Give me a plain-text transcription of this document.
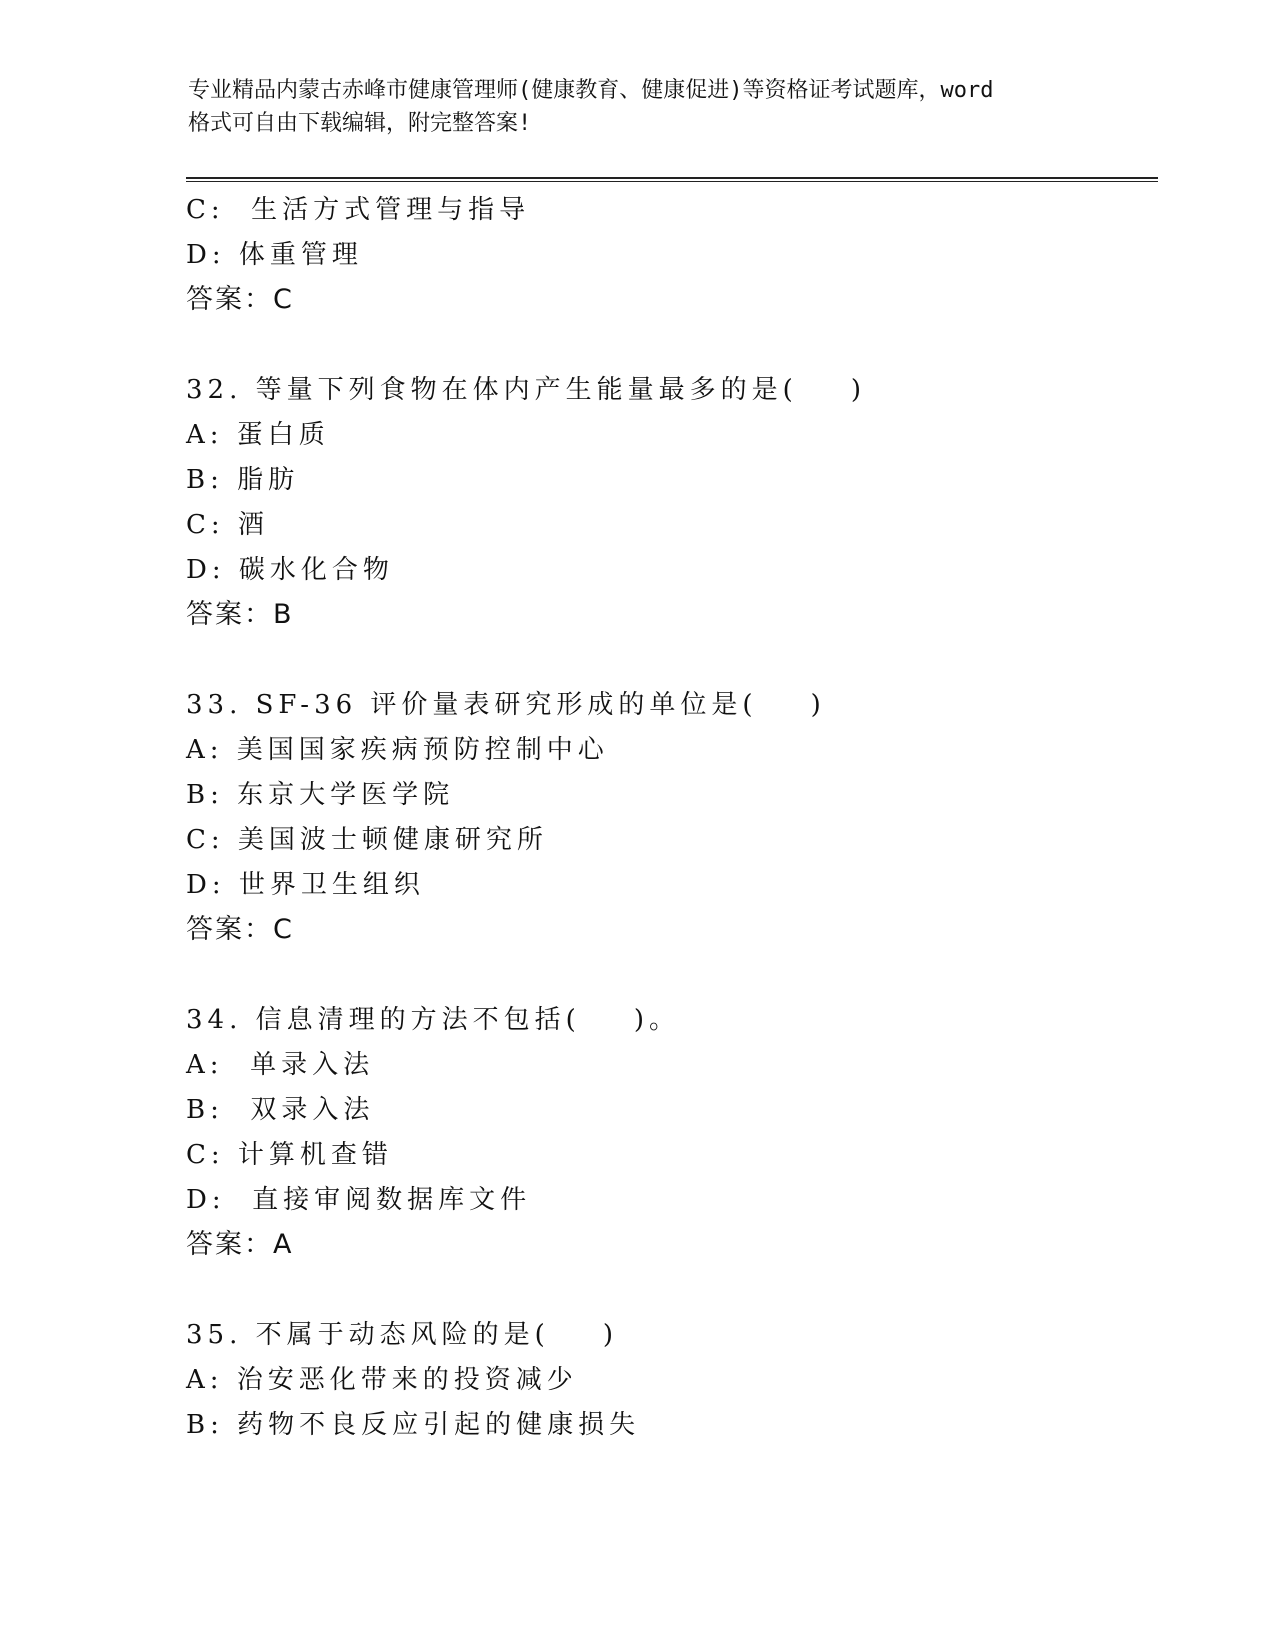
专业精品内蒙古赤峰市健康管理师(健康教育、健康促进)等资格证考试题库，word
格式可自由下载编辑，附完整答案!
C:  生活方式管理与指导
D: 体重管理
答案：C
32. 等量下列食物在体内产生能量最多的是(    )
A: 蛋白质
B: 脂肪
C: 酒
D: 碳水化合物
答案：B
33. SF-36 评价量表研究形成的单位是(    )
A: 美国国家疾病预防控制中心
B: 东京大学医学院
C: 美国波士顿健康研究所
D: 世界卫生组织
答案：C
34. 信息清理的方法不包括(    )。
A:  单录入法
B:  双录入法
C: 计算机查错
D:  直接审阅数据库文件
答案：A
35. 不属于动态风险的是(    )
A: 治安恶化带来的投资减少
B: 药物不良反应引起的健康损失
